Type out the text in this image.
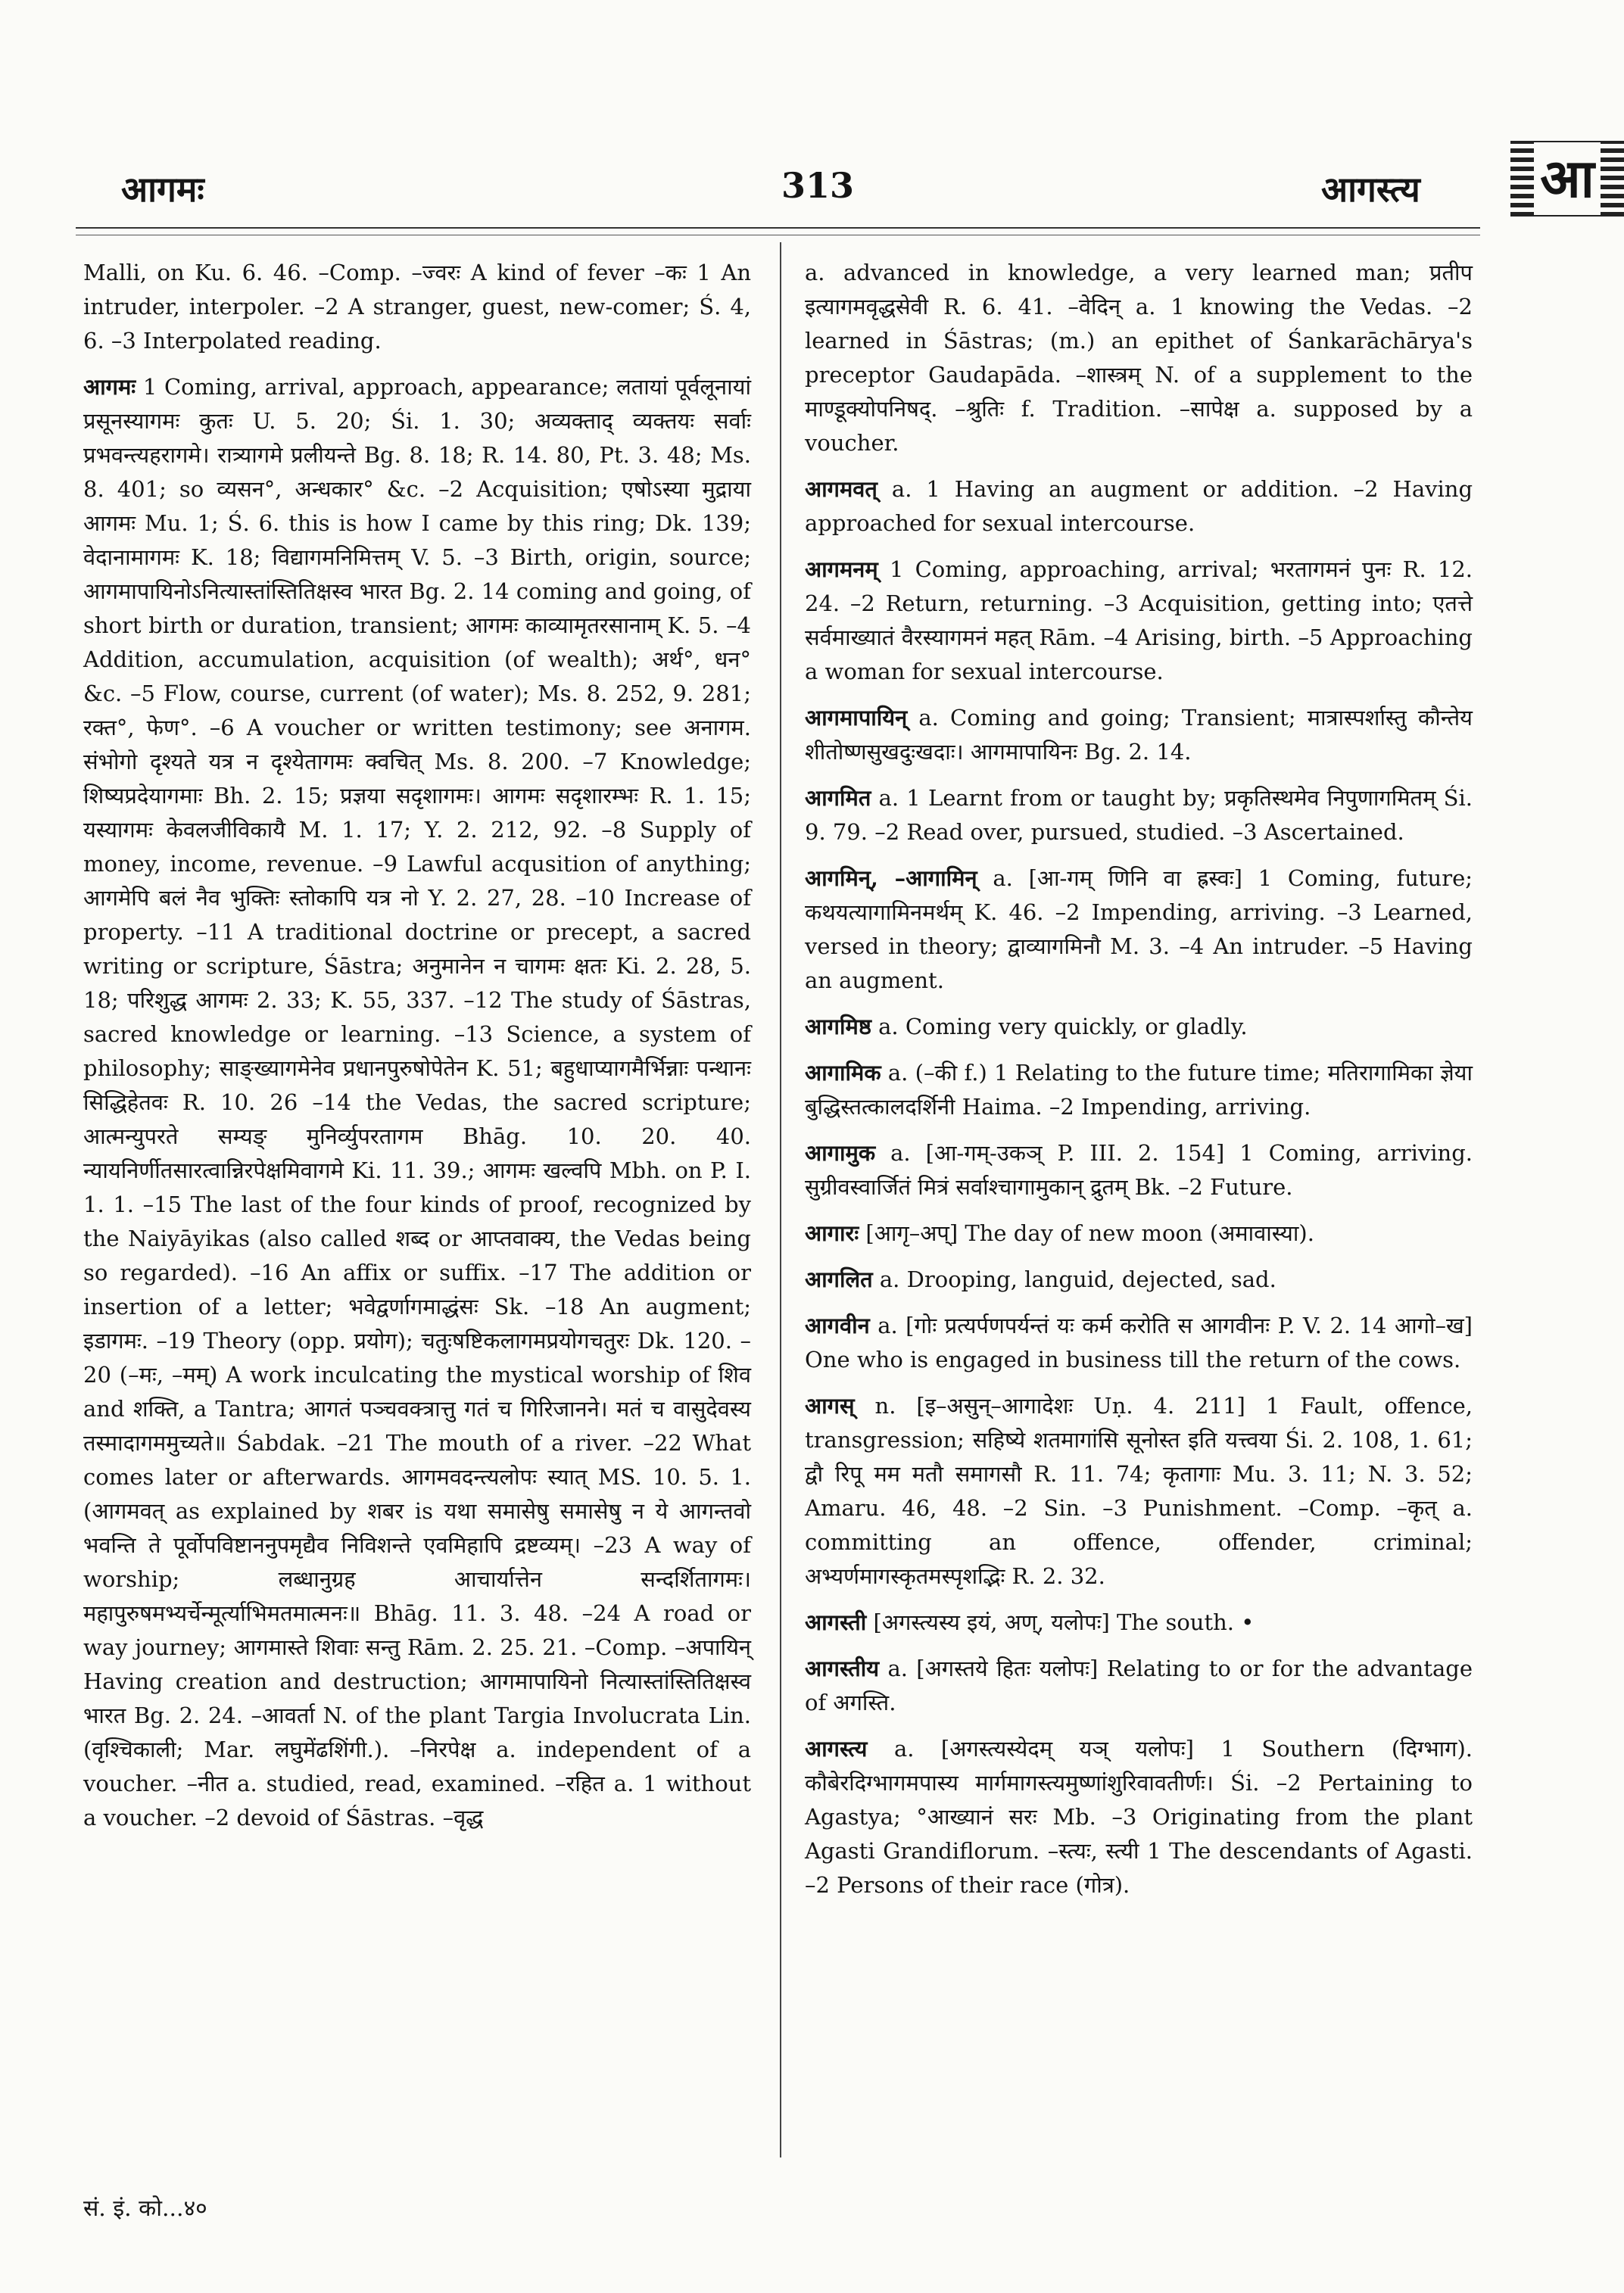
आगमः	313	आगस्त्य आ

Malli, on Ku. 6. 46. –Comp. –ज्वरः A kind of fever –कः 1 An intruder, interpoler. –2 A stranger, guest, new-comer; Ś. 4, 6. –3 Interpolated reading.

आगमः 1 Coming, arrival, approach, appearance; लतायां पूर्वलूनायां प्रसूनस्यागमः कुतः U. 5. 20; Śi. 1. 30; अव्यक्ताद् व्यक्तयः सर्वाः प्रभवन्त्यहरागमे। रात्र्यागमे प्रलीयन्ते Bg. 8. 18; R. 14. 80, Pt. 3. 48; Ms. 8. 401; so व्यसन°, अन्धकार° &c. –2 Acquisition; एषोऽस्या मुद्राया आगमः Mu. 1; Ś. 6. this is how I came by this ring; Dk. 139; वेदानामागमः K. 18; विद्यागमनिमित्तम् V. 5. –3 Birth, origin, source; आगमापायिनोऽनित्यास्तांस्तितिक्षस्व भारत Bg. 2. 14 coming and going, of short birth or duration, transient; आगमः काव्यामृतरसानाम् K. 5. –4 Addition, accumulation, acquisition (of wealth); अर्थ°, धन° &c. –5 Flow, course, current (of water); Ms. 8. 252, 9. 281; रक्त°, फेण°. –6 A voucher or written testimony; see अनागम. संभोगो दृश्यते यत्र न दृश्येतागमः क्वचित् Ms. 8. 200. –7 Knowledge; शिष्यप्रदेयागमाः Bh. 2. 15; प्रज्ञया सदृशागमः। आगमः सदृशारम्भः R. 1. 15; यस्यागमः केवलजीविकायै M. 1. 17; Y. 2. 212, 92. –8 Supply of money, income, revenue. –9 Lawful acqusition of anything; आगमेपि बलं नैव भुक्तिः स्तोकापि यत्र नो Y. 2. 27, 28. –10 Increase of property. –11 A traditional doctrine or precept, a sacred writing or scripture, Śāstra; अनुमानेन न चागमः क्षतः Ki. 2. 28, 5. 18; परिशुद्ध आगमः 2. 33; K. 55, 337. –12 The study of Śāstras, sacred knowledge or learning. –13 Science, a system of philosophy; साङ्ख्यागमेनेव प्रधानपुरुषोपेतेन K. 51; बहुधाप्यागमैर्भिन्नाः पन्थानः सिद्धिहेतवः R. 10. 26 –14 the Vedas, the sacred scripture; आत्मन्युपरते सम्यङ् मुनिर्व्युपरतागम Bhāg. 10. 20. 40. न्यायनिर्णीतसारत्वान्निरपेक्षमिवागमे Ki. 11. 39.; आगमः खल्वपि Mbh. on P. I. 1. 1. –15 The last of the four kinds of proof, recognized by the Naiyāyikas (also called शब्द or आप्तवाक्य, the Vedas being so regarded). –16 An affix or suffix. –17 The addition or insertion of a letter; भवेद्वर्णागमाद्धंसः Sk. –18 An augment; इडागमः. –19 Theory (opp. प्रयोग); चतुःषष्टिकलागमप्रयोगचतुरः Dk. 120. –20 (–मः, –मम्) A work inculcating the mystical worship of शिव and शक्ति, a Tantra; आगतं पञ्चवक्त्रात्तु गतं च गिरिजानने। मतं च वासुदेवस्य तस्मादागममुच्यते॥ Śabdak. –21 The mouth of a river. –22 What comes later or afterwards. आगमवदन्त्यलोपः स्यात् MS. 10. 5. 1. (आगमवत् as explained by शबर is यथा समासेषु समासेषु न ये आगन्तवो भवन्ति ते पूर्वोपविष्टाननुपमृद्यैव निविशन्ते एवमिहापि द्रष्टव्यम्। –23 A way of worship; लब्धानुग्रह आचार्यात्तेन सन्दर्शितागमः। महापुरुषमभ्यर्चेन्मूर्त्याभिमतमात्मनः॥ Bhāg. 11. 3. 48. –24 A road or way journey; आगमास्ते शिवाः सन्तु Rām. 2. 25. 21. –Comp. –अपायिन् Having creation and destruction; आगमापायिनो नित्यास्तांस्तितिक्षस्व भारत Bg. 2. 24. –आवर्ता N. of the plant Targia Involucrata Lin. (वृश्चिकाली; Mar. लघुमेंढशिंगी.). –निरपेक्ष a. independent of a voucher. –नीत a. studied, read, examined. –रहित a. 1 without a voucher. –2 devoid of Śāstras. –वृद्ध

a. advanced in knowledge, a very learned man; प्रतीप इत्यागमवृद्धसेवी R. 6. 41. –वेदिन् a. 1 knowing the Vedas. –2 learned in Śāstras; (m.) an epithet of Śankarāchārya's preceptor Gaudapāda. –शास्त्रम् N. of a supplement to the माण्डूक्योपनिषद्. –श्रुतिः f. Tradition. –सापेक्ष a. supposed by a voucher.

आगमवत् a. 1 Having an augment or addition. –2 Having approached for sexual intercourse.

आगमनम् 1 Coming, approaching, arrival; भरतागमनं पुनः R. 12. 24. –2 Return, returning. –3 Acquisition, getting into; एतत्ते सर्वमाख्यातं वैरस्यागमनं महत् Rām. –4 Arising, birth. –5 Approaching a woman for sexual intercourse.

आगमापायिन् a. Coming and going; Transient; मात्रास्पर्शास्तु कौन्तेय शीतोष्णसुखदुःखदाः। आगमापायिनः Bg. 2. 14.

आगमित a. 1 Learnt from or taught by; प्रकृतिस्थमेव निपुणागमितम् Śi. 9. 79. –2 Read over, pursued, studied. –3 Ascertained.

आगमिन्, –आगामिन् a. [आ-गम् णिनि वा ह्रस्वः] 1 Coming, future; कथयत्यागामिनमर्थम् K. 46. –2 Impending, arriving. –3 Learned, versed in theory; द्वाव्यागमिनौ M. 3. –4 An intruder. –5 Having an augment.

आगमिष्ठ a. Coming very quickly, or gladly.

आगामिक a. (–की f.) 1 Relating to the future time; मतिरागामिका ज्ञेया बुद्धिस्तत्कालदर्शिनी Haima. –2 Impending, arriving.

आगामुक a. [आ-गम्-उकञ् P. III. 2. 154] 1 Coming, arriving. सुग्रीवस्वार्जितं मित्रं सर्वाश्चागामुकान् द्रुतम् Bk. –2 Future.

आगारः [आगृ–अप्] The day of new moon (अमावास्या).

आगलित a. Drooping, languid, dejected, sad.

आगवीन a. [गोः प्रत्यर्पणपर्यन्तं यः कर्म करोति स आगवीनः P. V. 2. 14 आगो–ख] One who is engaged in business till the return of the cows.

आगस् n. [इ–असुन्–आगादेशः Uṇ. 4. 211] 1 Fault, offence, transgression; सहिष्ये शतमागांसि सूनोस्त इति यत्त्वया Śi. 2. 108, 1. 61; द्वौ रिपू मम मतौ समागसौ R. 11. 74; कृतागाः Mu. 3. 11; N. 3. 52; Amaru. 46, 48. –2 Sin. –3 Punishment. –Comp. –कृत् a. committing an offence, offender, criminal; अभ्यर्णमागस्कृतमस्पृशद्भिः R. 2. 32.

आगस्ती [अगस्त्यस्य इयं, अण्, यलोपः] The south. •

आगस्तीय a. [अगस्तये हितः यलोपः] Relating to or for the advantage of अगस्ति.

आगस्त्य a. [अगस्त्यस्येदम् यञ् यलोपः] 1 Southern (दिग्भाग). कौबेरदिग्भागमपास्य मार्गमागस्त्यमुष्णांशुरिवावतीर्णः। Śi. –2 Pertaining to Agastya; °आख्यानं सरः Mb. –3 Originating from the plant Agasti Grandiflorum. –स्त्यः, स्त्यी 1 The descendants of Agasti. –2 Persons of their race (गोत्र).

सं. इं. को...४०
